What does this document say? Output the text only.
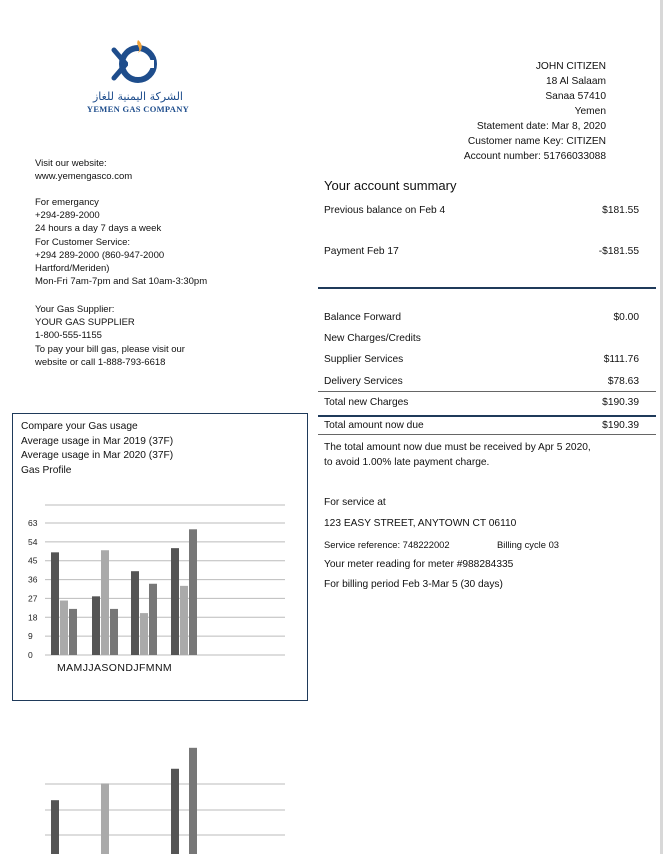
الشركة اليمنية للغاز
YEMEN GAS COMPANY
Visit our website:
www.yemengasco.com
For emergancy
+294-289-2000
24 hours a day 7 days a week
For Customer Service:
+294 289-2000 (860-947-2000
Hartford/Meriden)
Mon-Fri 7am-7pm and Sat 10am-3:30pm
Your Gas Supplier:
YOUR GAS SUPPLIER
1-800-555-1155
To pay your bill gas, please visit our
website or call 1-888-793-6618
JOHN CITIZEN
18 Al Salaam
Sanaa 57410
Yemen
Statement date: Mar 8, 2020
Customer name Key: CITIZEN
Account number: 51766033088
Your account summary
Previous balance on Feb 4	$181.55
Payment Feb 17	-$181.55
Balance Forward	$0.00
New Charges/Credits
Supplier Services	$111.76
Delivery Services	$78.63
Total new Charges	$190.39
Total amount now due	$190.39
The total amount now due must be received by Apr 5 2020, to avoid 1.00% late payment charge.
For service at
123 EASY STREET, ANYTOWN CT 06110
Service reference: 748222002	Billing cycle 03
Your meter reading for meter #988284335
For billing period Feb 3-Mar 5 (30 days)
Compare your Gas usage
Average usage in Mar 2019 (37F)
Average usage in Mar 2020 (37F)
Gas Profile
63
54
45
36
27
18
9
0
MAMJJASONDJFMNM
